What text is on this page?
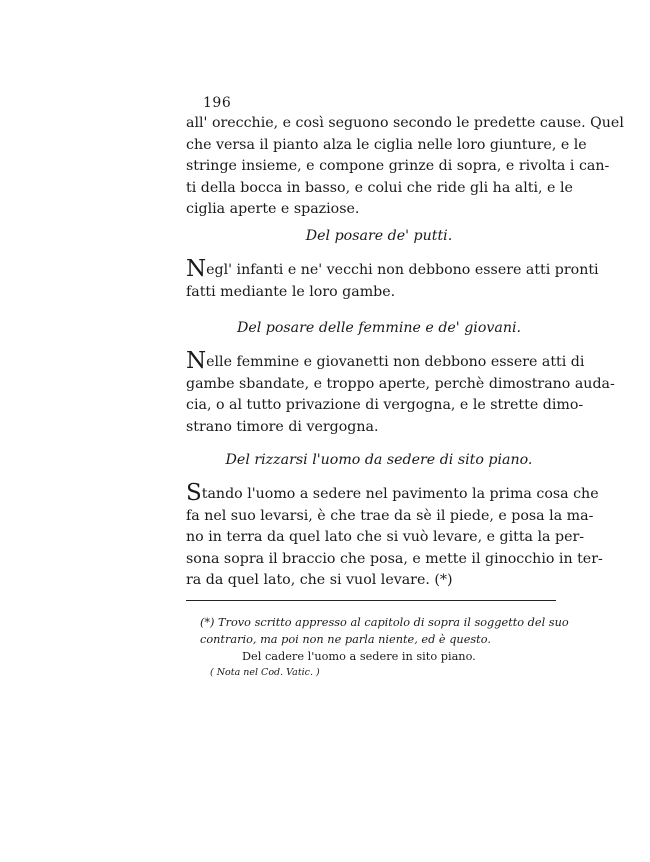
196
all' orecchie, e così seguono secondo le predette cause. Quel
che versa il pianto alza le ciglia nelle loro giunture, e le
stringe insieme, e compone grinze di sopra, e rivolta i can-
ti della bocca in basso, e colui che ride gli ha alti, e le
ciglia aperte e spaziose.
Del posare de' putti.
Negl' infanti e ne' vecchi non debbono essere atti pronti
fatti mediante le loro gambe.
Del posare delle femmine e de' giovani.
Nelle femmine e giovanetti non debbono essere atti di
gambe sbandate, e troppo aperte, perchè dimostrano auda-
cia, o al tutto privazione di vergogna, e le strette dimo-
strano timore di vergogna.
Del rizzarsi l'uomo da sedere di sito piano.
Stando l'uomo a sedere nel pavimento la prima cosa che
fa nel suo levarsi, è che trae da sè il piede, e posa la ma-
no in terra da quel lato che si vuò levare, e gitta la per-
sona sopra il braccio che posa, e mette il ginocchio in ter-
ra da quel lato, che si vuol levare. (*)
(*) Trovo scritto appresso al capitolo di sopra il soggetto del suo
contrario, ma poi non ne parla niente, ed è questo.
Del cadere l'uomo a sedere in sito piano.
( Nota nel Cod. Vatic. )
